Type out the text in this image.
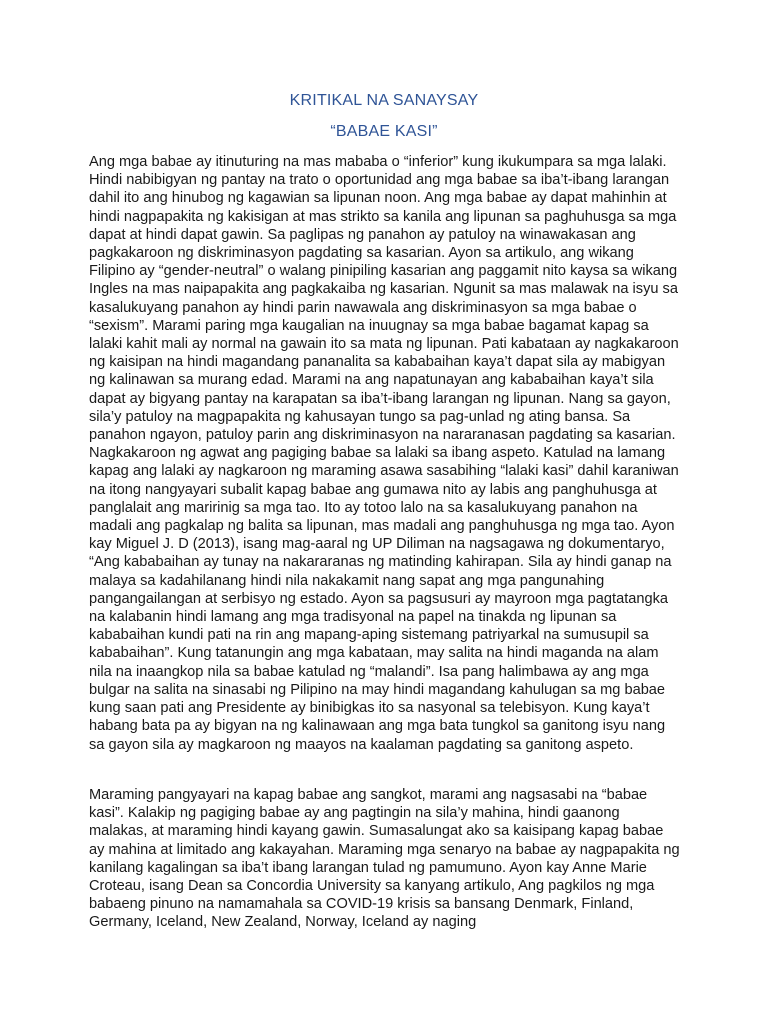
KRITIKAL NA SANAYSAY
“BABAE KASI”

Ang mga babae ay itinuturing na mas mababa o “inferior” kung ikukumpara sa mga lalaki. Hindi nabibigyan ng pantay na trato o oportunidad ang mga babae sa iba’t-ibang larangan dahil ito ang hinubog ng kagawian sa lipunan noon. Ang mga babae ay dapat mahinhin at hindi nagpapakita ng kakisigan at mas strikto sa kanila ang lipunan sa paghuhusga sa mga dapat at hindi dapat gawin. Sa paglipas ng panahon ay patuloy na winawakasan ang pagkakaroon ng diskriminasyon pagdating sa kasarian. Ayon sa artikulo, ang wikang Filipino ay “gender-neutral” o walang pinipiling kasarian ang paggamit nito kaysa sa wikang Ingles na mas naipapakita ang pagkakaiba ng kasarian. Ngunit sa mas malawak na isyu sa kasalukuyang panahon ay hindi parin nawawala ang diskriminasyon sa mga babae o “sexism”. Marami paring mga kaugalian na inuugnay sa mga babae bagamat kapag sa lalaki kahit mali ay normal na gawain ito sa mata ng lipunan. Pati kabataan ay nagkakaroon ng kaisipan na hindi magandang pananalita sa kababaihan kaya’t dapat sila ay mabigyan ng kalinawan sa murang edad. Marami na ang napatunayan ang kababaihan kaya’t sila dapat ay bigyang pantay na karapatan sa iba’t-ibang larangan ng lipunan. Nang sa gayon, sila’y patuloy na magpapakita ng kahusayan tungo sa pag-unlad ng ating bansa. Sa panahon ngayon, patuloy parin ang diskriminasyon na nararanasan pagdating sa kasarian. Nagkakaroon ng agwat ang pagiging babae sa lalaki sa ibang aspeto. Katulad na lamang kapag ang lalaki ay nagkaroon ng maraming asawa sasabihing “lalaki kasi” dahil karaniwan na itong nangyayari subalit kapag babae ang gumawa nito ay labis ang panghuhusga at panglalait ang maririnig sa mga tao. Ito ay totoo lalo na sa kasalukuyang panahon na madali ang pagkalap ng balita sa lipunan, mas madali ang panghuhusga ng mga tao. Ayon kay Miguel J. D (2013), isang mag-aaral ng UP Diliman na nagsagawa ng dokumentaryo, “Ang kababaihan ay tunay na nakararanas ng matinding kahirapan. Sila ay hindi ganap na malaya sa kadahilanang hindi nila nakakamit nang sapat ang mga pangunahing pangangailangan at serbisyo ng estado. Ayon sa pagsusuri ay mayroon mga pagtatangka na kalabanin hindi lamang ang mga tradisyonal na papel na tinakda ng lipunan sa kababaihan kundi pati na rin ang mapang-aping sistemang patriyarkal na sumusupil sa kababaihan”. Kung tatanungin ang mga kabataan, may salita na hindi maganda na alam nila na inaangkop nila sa babae katulad ng “malandi”. Isa pang halimbawa ay ang mga bulgar na salita na sinasabi ng Pilipino na may hindi magandang kahulugan sa mg babae kung saan pati ang Presidente ay binibigkas ito sa nasyonal sa telebisyon. Kung kaya’t habang bata pa ay bigyan na ng kalinawaan ang mga bata tungkol sa ganitong isyu nang sa gayon sila ay magkaroon ng maayos na kaalaman pagdating sa ganitong aspeto.

Maraming pangyayari na kapag babae ang sangkot, marami ang nagsasabi na “babae kasi”. Kalakip ng pagiging babae ay ang pagtingin na sila’y mahina, hindi gaanong malakas, at maraming hindi kayang gawin. Sumasalungat ako sa kaisipang kapag babae ay mahina at limitado ang kakayahan. Maraming mga senaryo na babae ay nagpapakita ng kanilang kagalingan sa iba’t ibang larangan tulad ng pamumuno. Ayon kay Anne Marie Croteau, isang Dean sa Concordia University sa kanyang artikulo, Ang pagkilos ng mga babaeng pinuno na namamahala sa COVID-19 krisis sa bansang Denmark, Finland, Germany, Iceland, New Zealand, Norway, Iceland ay naging
